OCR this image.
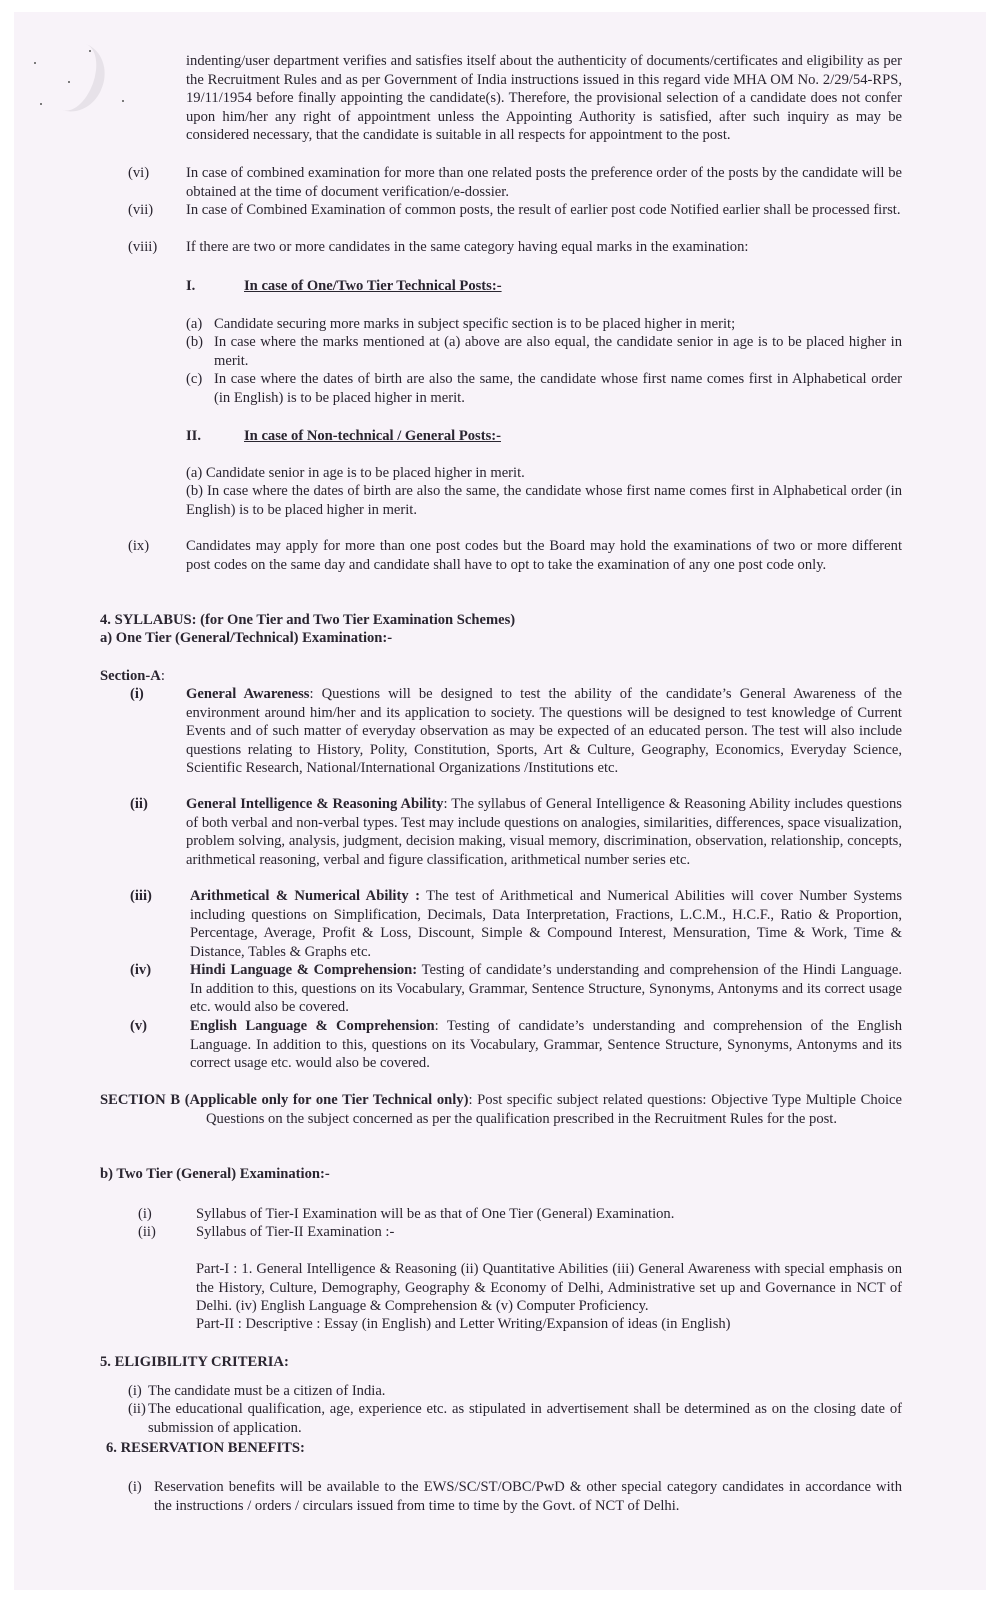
indenting/user department verifies and satisfies itself about the authenticity of documents/certificates and eligibility as per the Recruitment Rules and as per Government of India instructions issued in this regard vide MHA OM No. 2/29/54-RPS, 19/11/1954 before finally appointing the candidate(s). Therefore, the provisional selection of a candidate does not confer upon him/her any right of appointment unless the Appointing Authority is satisfied, after such inquiry as may be considered necessary, that the candidate is suitable in all respects for appointment to the post.
(vi)	In case of combined examination for more than one related posts the preference order of the posts by the candidate will be obtained at the time of document verification/e-dossier.
(vii)	In case of Combined Examination of common posts, the result of earlier post code Notified earlier shall be processed first.
(viii)	If there are two or more candidates in the same category having equal marks in the examination:
I.	In case of One/Two Tier Technical Posts:-
(a) Candidate securing more marks in subject specific section is to be placed higher in merit;
(b) In case where the marks mentioned at (a) above are also equal, the candidate senior in age is to be placed higher in merit.
(c) In case where the dates of birth are also the same, the candidate whose first name comes first in Alphabetical order (in English) is to be placed higher in merit.
II.	In case of Non-technical / General Posts:-
(a) Candidate senior in age is to be placed higher in merit.
(b) In case where the dates of birth are also the same, the candidate whose first name comes first in Alphabetical order (in English) is to be placed higher in merit.
(ix)	Candidates may apply for more than one post codes but the Board may hold the examinations of two or more different post codes on the same day and candidate shall have to opt to take the examination of any one post code only.
4. SYLLABUS: (for One Tier and Two Tier Examination Schemes)
a) One Tier (General/Technical) Examination:-
Section-A:
(i)	General Awareness: Questions will be designed to test the ability of the candidate’s General Awareness of the environment around him/her and its application to society. The questions will be designed to test knowledge of Current Events and of such matter of everyday observation as may be expected of an educated person. The test will also include questions relating to History, Polity, Constitution, Sports, Art & Culture, Geography, Economics, Everyday Science, Scientific Research, National/International Organizations /Institutions etc.
(ii)	General Intelligence & Reasoning Ability: The syllabus of General Intelligence & Reasoning Ability includes questions of both verbal and non-verbal types. Test may include questions on analogies, similarities, differences, space visualization, problem solving, analysis, judgment, decision making, visual memory, discrimination, observation, relationship, concepts, arithmetical reasoning, verbal and figure classification, arithmetical number series etc.
(iii)	Arithmetical & Numerical Ability : The test of Arithmetical and Numerical Abilities will cover Number Systems including questions on Simplification, Decimals, Data Interpretation, Fractions, L.C.M., H.C.F., Ratio & Proportion, Percentage, Average, Profit & Loss, Discount, Simple & Compound Interest, Mensuration, Time & Work, Time & Distance, Tables & Graphs etc.
(iv)	Hindi Language & Comprehension: Testing of candidate’s understanding and comprehension of the Hindi Language. In addition to this, questions on its Vocabulary, Grammar, Sentence Structure, Synonyms, Antonyms and its correct usage etc. would also be covered.
(v)	English Language & Comprehension: Testing of candidate’s understanding and comprehension of the English Language. In addition to this, questions on its Vocabulary, Grammar, Sentence Structure, Synonyms, Antonyms and its correct usage etc. would also be covered.
SECTION B (Applicable only for one Tier Technical only): Post specific subject related questions: Objective Type Multiple Choice Questions on the subject concerned as per the qualification prescribed in the Recruitment Rules for the post.
b) Two Tier (General) Examination:-
(i)	Syllabus of Tier-I Examination will be as that of One Tier (General) Examination.
(ii)	Syllabus of Tier-II Examination :-
Part-I : 1. General Intelligence & Reasoning (ii) Quantitative Abilities (iii) General Awareness with special emphasis on the History, Culture, Demography, Geography & Economy of Delhi, Administrative set up and Governance in NCT of Delhi. (iv) English Language & Comprehension & (v) Computer Proficiency.
Part-II : Descriptive : Essay (in English) and Letter Writing/Expansion of ideas (in English)
5. ELIGIBILITY CRITERIA:
(i) The candidate must be a citizen of India.
(ii) The educational qualification, age, experience etc. as stipulated in advertisement shall be determined as on the closing date of submission of application.
6. RESERVATION BENEFITS:
(i) Reservation benefits will be available to the EWS/SC/ST/OBC/PwD & other special category candidates in accordance with the instructions / orders / circulars issued from time to time by the Govt. of NCT of Delhi.
